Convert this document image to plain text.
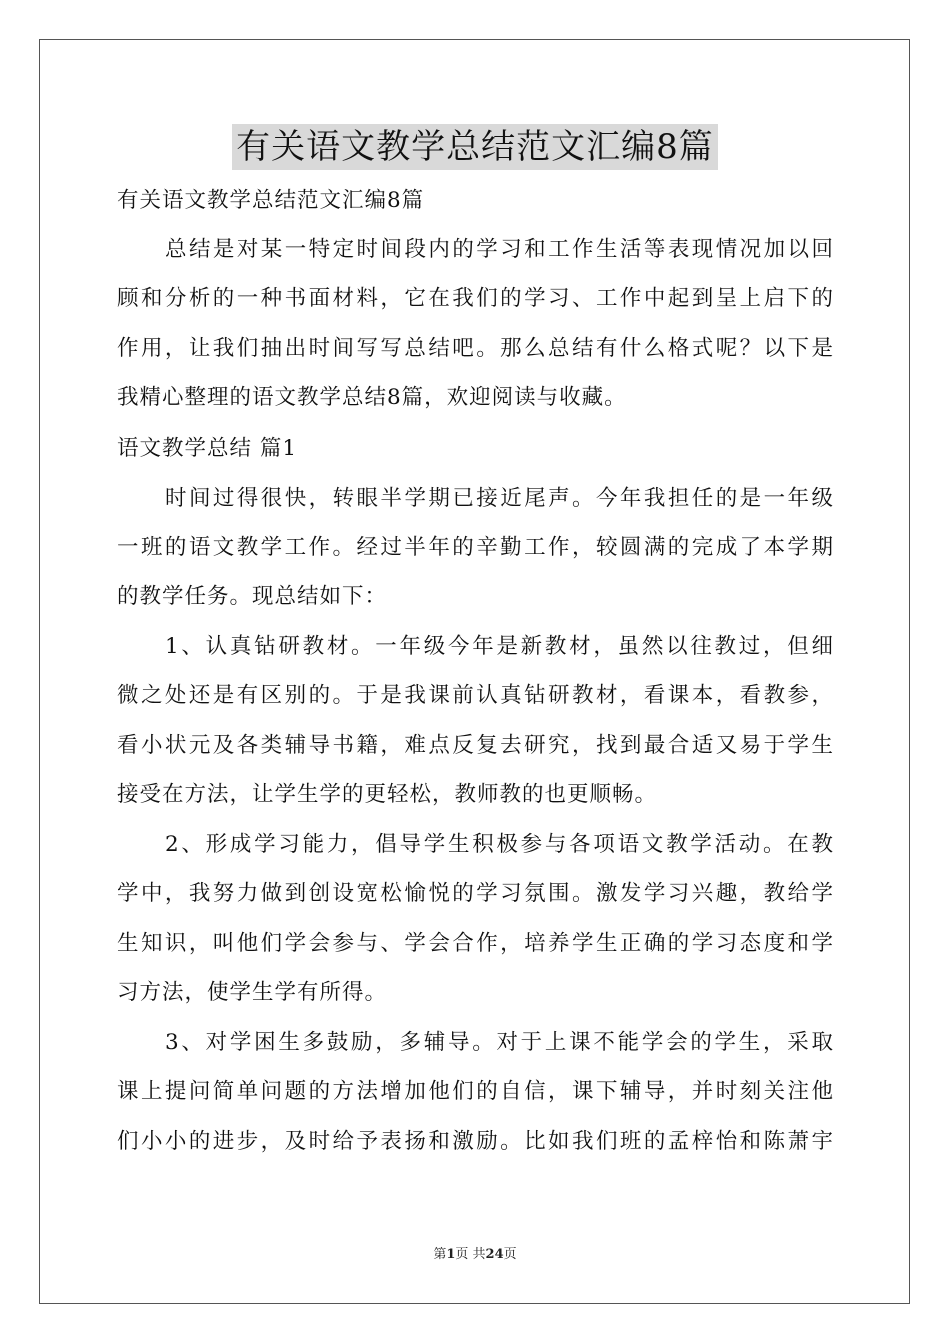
有关语文教学总结范文汇编8篇
有关语文教学总结范文汇编8篇
总结是对某一特定时间段内的学习和工作生活等表现情况加以回
顾和分析的一种书面材料，它在我们的学习、工作中起到呈上启下的
作用，让我们抽出时间写写总结吧。那么总结有什么格式呢？以下是
我精心整理的语文教学总结8篇，欢迎阅读与收藏。
语文教学总结 篇1
时间过得很快，转眼半学期已接近尾声。今年我担任的是一年级
一班的语文教学工作。经过半年的辛勤工作，较圆满的完成了本学期
的教学任务。现总结如下：
1、认真钻研教材。一年级今年是新教材，虽然以往教过，但细
微之处还是有区别的。于是我课前认真钻研教材，看课本，看教参，
看小状元及各类辅导书籍，难点反复去研究，找到最合适又易于学生
接受在方法，让学生学的更轻松，教师教的也更顺畅。
2、形成学习能力，倡导学生积极参与各项语文教学活动。在教
学中，我努力做到创设宽松愉悦的学习氛围。激发学习兴趣，教给学
生知识，叫他们学会参与、学会合作，培养学生正确的学习态度和学
习方法，使学生学有所得。
3、对学困生多鼓励，多辅导。对于上课不能学会的学生，采取
课上提问简单问题的方法增加他们的自信，课下辅导，并时刻关注他
们小小的进步，及时给予表扬和激励。比如我们班的孟梓怡和陈萧宇
第1页 共24页
